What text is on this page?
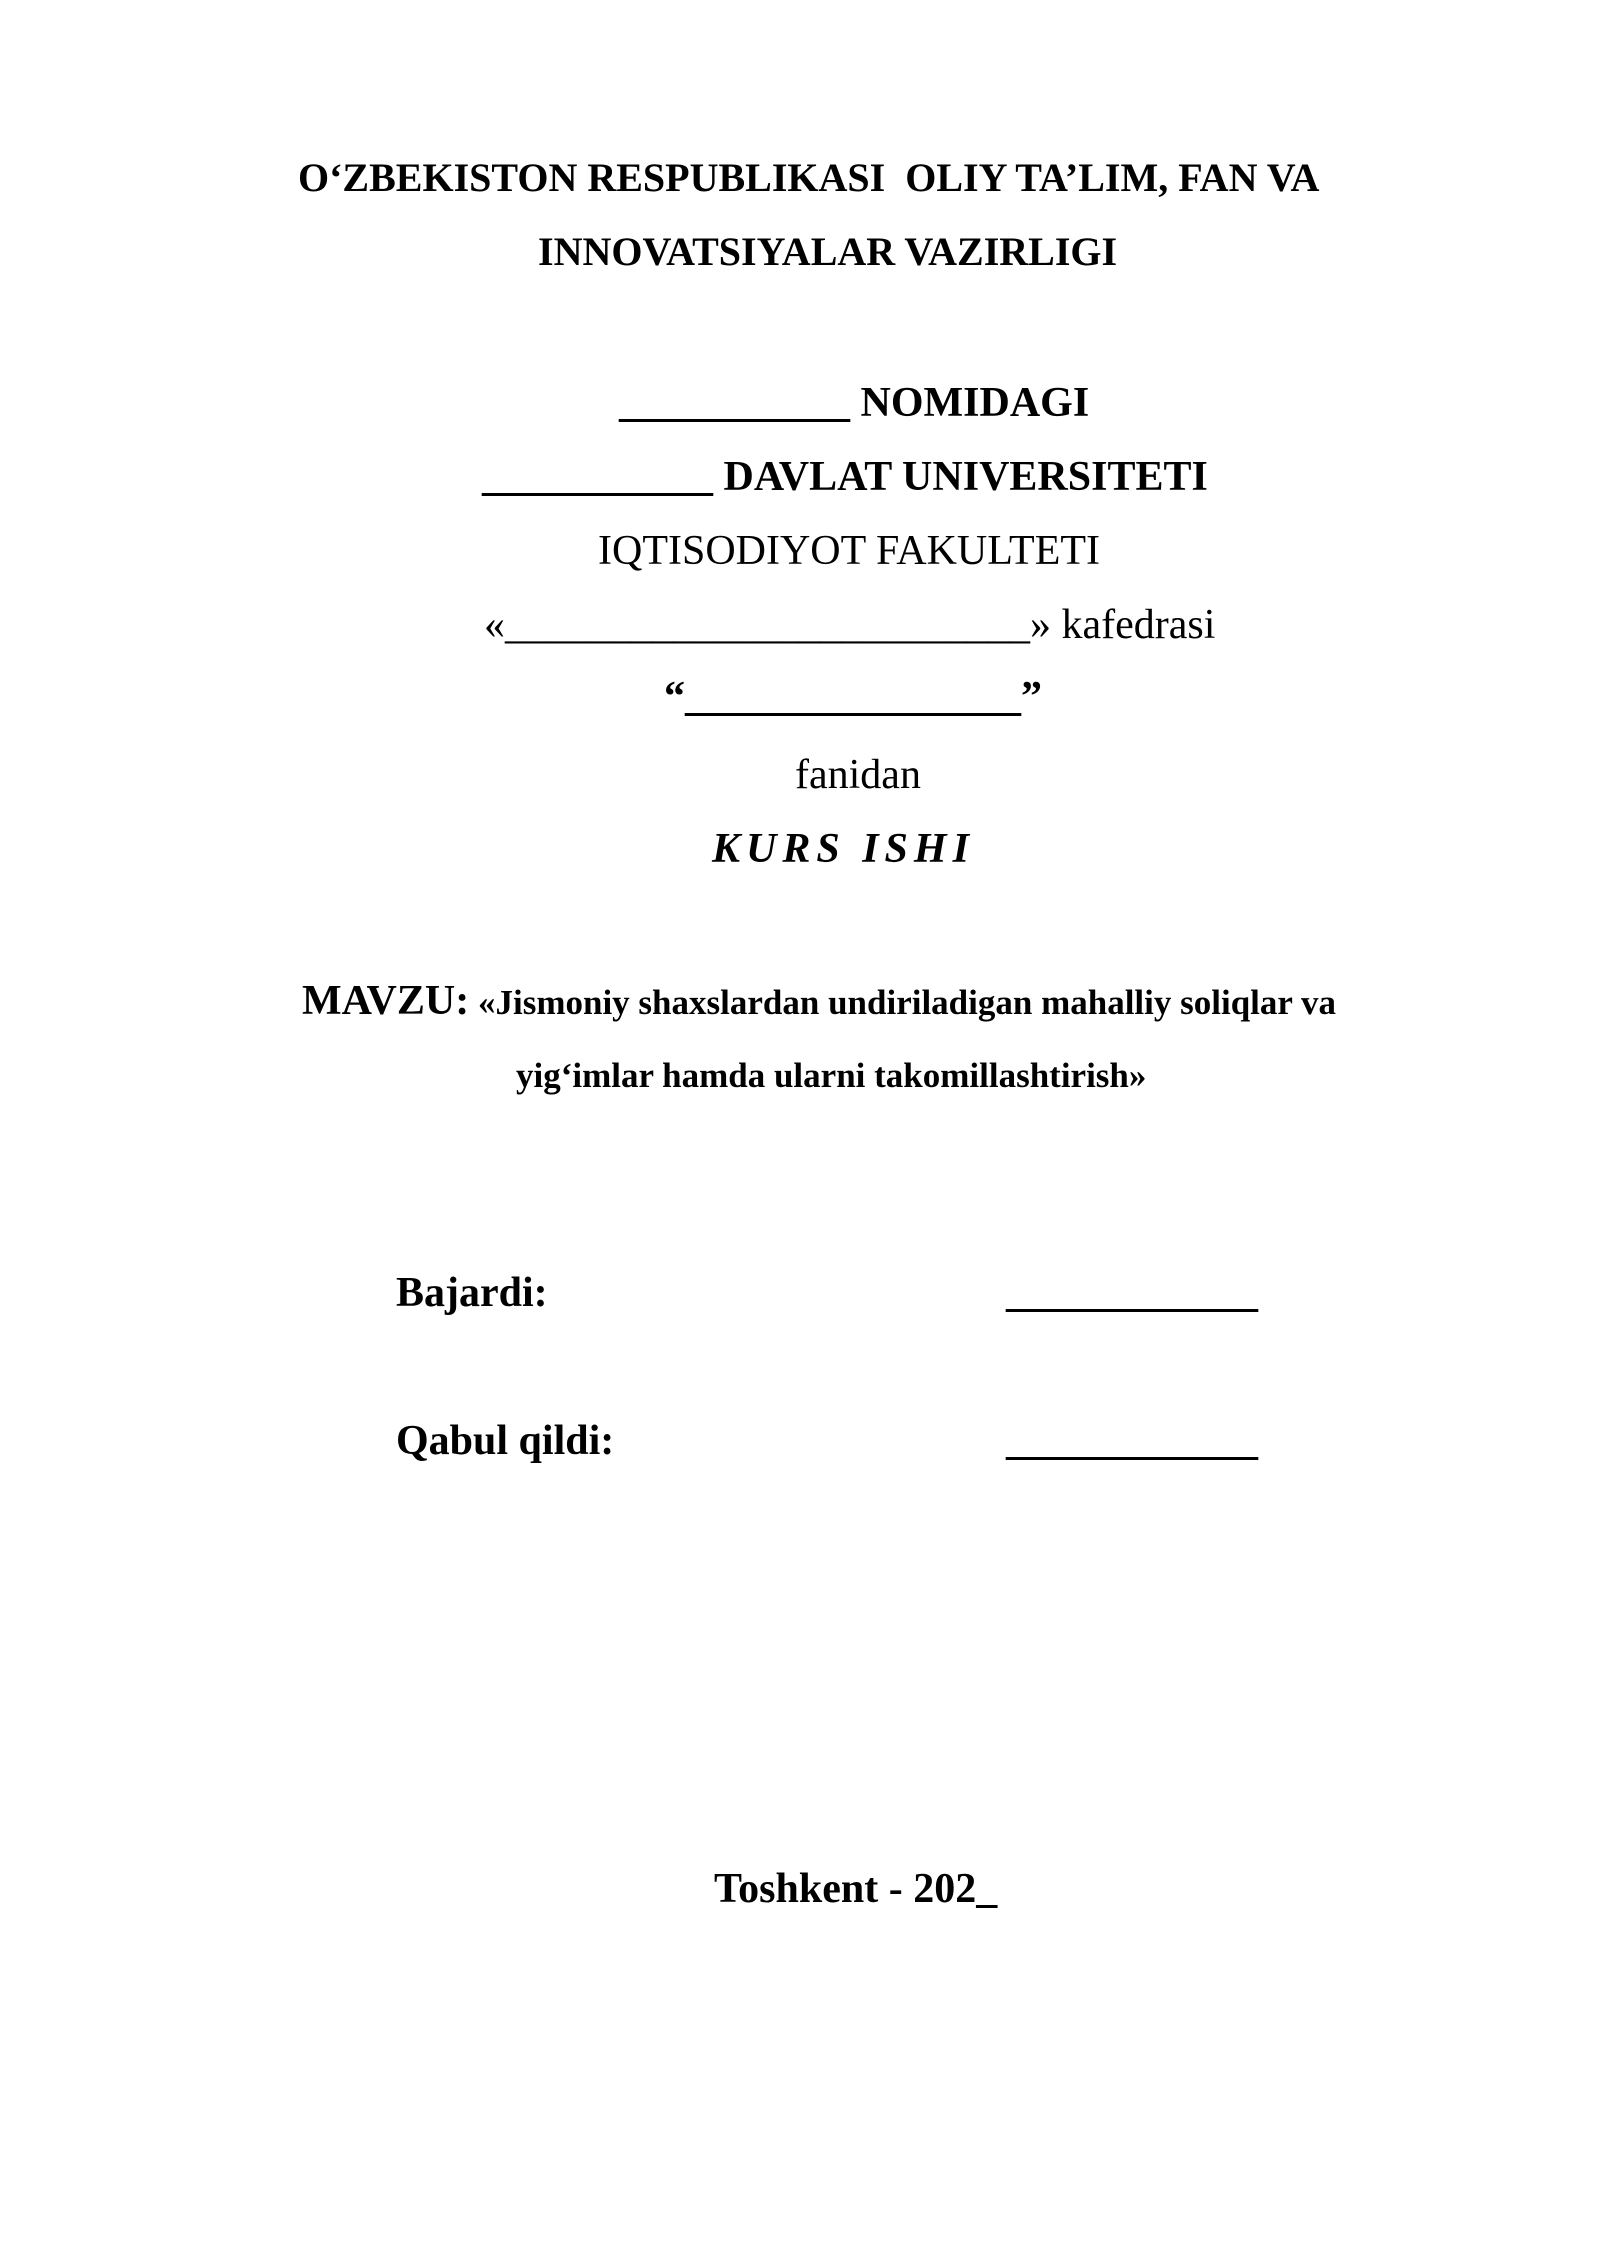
O‘ZBEKISTON RESPUBLIKASI  OLIY TA’LIM, FAN VA
INNOVATSIYALAR VAZIRLIGI
___________ NOMIDAGI
___________ DAVLAT UNIVERSITETI
IQTISODIYOT FAKULTETI
«_________________________» kafedrasi
“________________”
fanidan
KURS ISHI
MAVZU: «Jismoniy shaxslardan undiriladigan mahalliy soliqlar va
yig‘imlar hamda ularni takomillashtirish»
Bajardi:	____________
Qabul qildi:	____________
Toshkent - 202_
